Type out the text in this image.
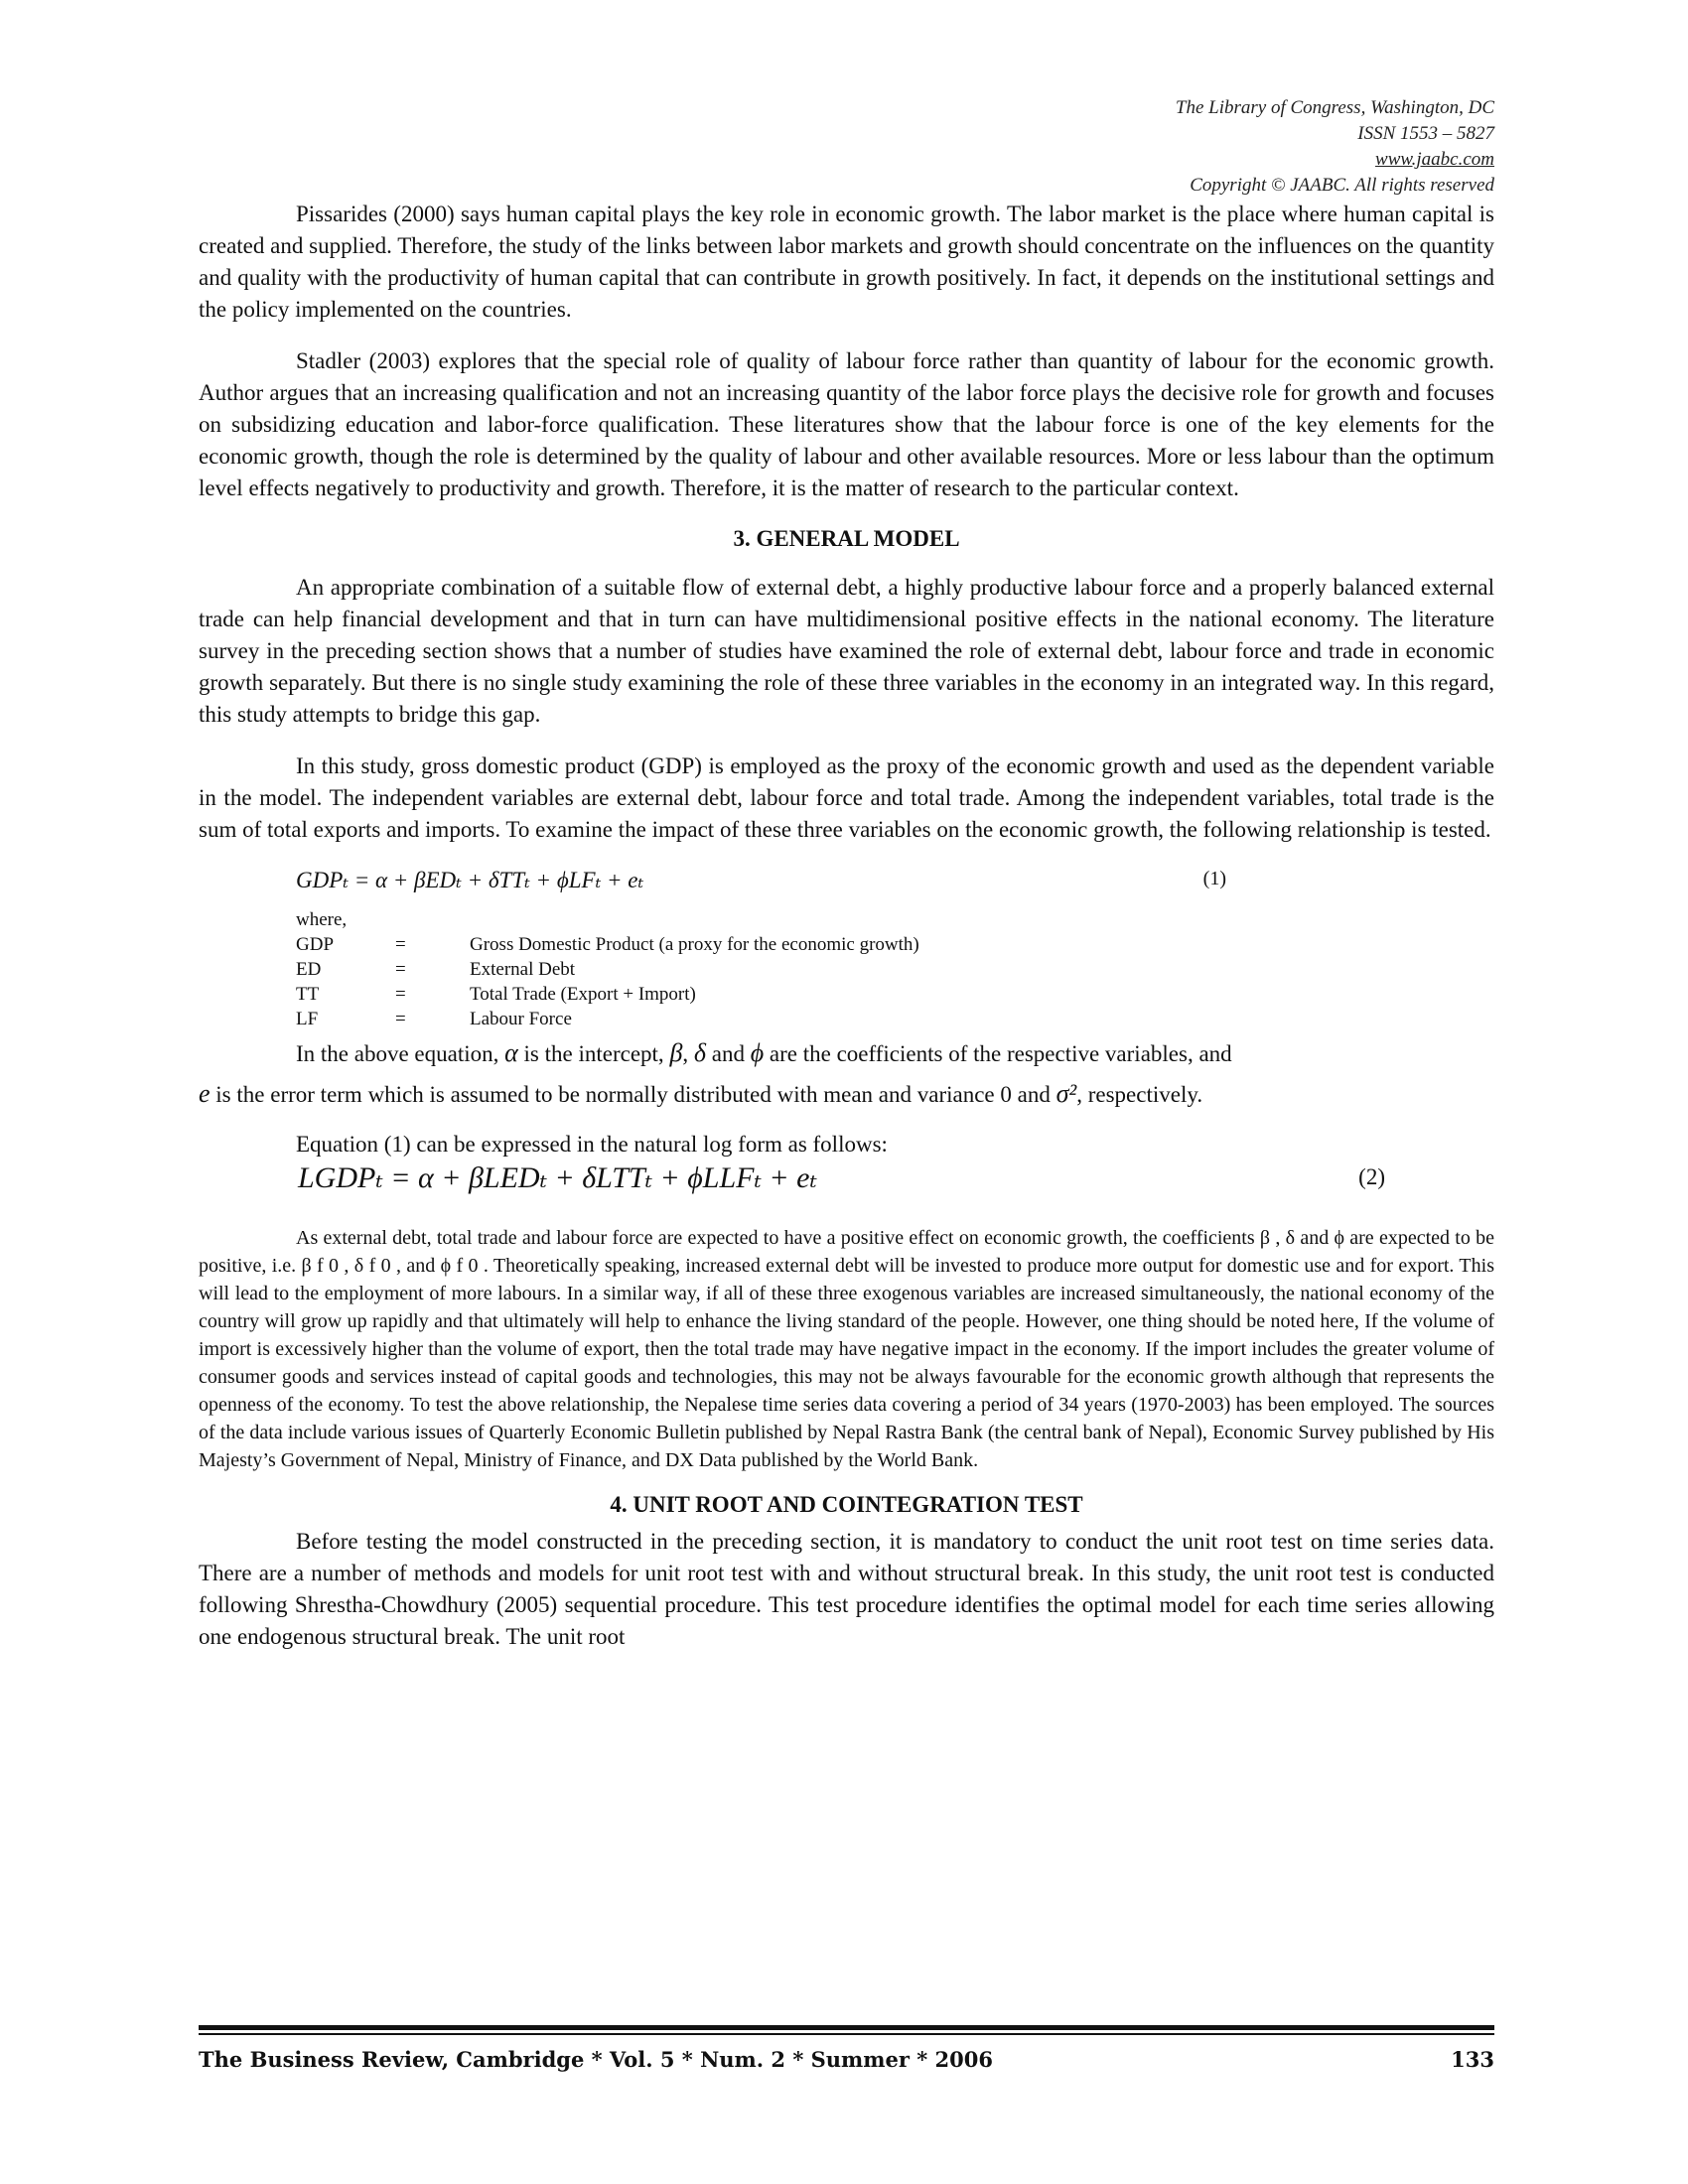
The Library of Congress, Washington, DC
ISSN 1553 – 5827
www.jaabc.com
Copyright © JAABC. All rights reserved

Pissarides (2000) says human capital plays the key role in economic growth. The labor market is the place where human capital is created and supplied. Therefore, the study of the links between labor markets and growth should concentrate on the influences on the quantity and quality with the productivity of human capital that can contribute in growth positively. In fact, it depends on the institutional settings and the policy implemented on the countries.

Stadler (2003) explores that the special role of quality of labour force rather than quantity of labour for the economic growth. Author argues that an increasing qualification and not an increasing quantity of the labor force plays the decisive role for growth and focuses on subsidizing education and labor-force qualification. These literatures show that the labour force is one of the key elements for the economic growth, though the role is determined by the quality of labour and other available resources. More or less labour than the optimum level effects negatively to productivity and growth. Therefore, it is the matter of research to the particular context.

3. GENERAL MODEL

An appropriate combination of a suitable flow of external debt, a highly productive labour force and a properly balanced external trade can help financial development and that in turn can have multidimensional positive effects in the national economy. The literature survey in the preceding section shows that a number of studies have examined the role of external debt, labour force and trade in economic growth separately. But there is no single study examining the role of these three variables in the economy in an integrated way. In this regard, this study attempts to bridge this gap.

In this study, gross domestic product (GDP) is employed as the proxy of the economic growth and used as the dependent variable in the model. The independent variables are external debt, labour force and total trade. Among the independent variables, total trade is the sum of total exports and imports. To examine the impact of these three variables on the economic growth, the following relationship is tested.

GDPₜ = α + βEDₜ + δTTₜ + ϕLFₜ + eₜ	(1)
where,
GDP	=	Gross Domestic Product (a proxy for the economic growth)
ED	=	External Debt
TT	=	Total Trade (Export + Import)
LF	=	Labour Force

In the above equation, α is the intercept, β, δ and ϕ are the coefficients of the respective variables, and

e is the error term which is assumed to be normally distributed with mean and variance 0 and σ², respectively.

Equation (1) can be expressed in the natural log form as follows:

LGDPₜ = α + βLEDₜ + δLTTₜ + ϕLLFₜ + eₜ	(2)

As external debt, total trade and labour force are expected to have a positive effect on economic growth, the coefficients β , δ and ϕ are expected to be positive, i.e. β f 0 , δ f 0 , and ϕ f 0 . Theoretically speaking, increased external debt will be invested to produce more output for domestic use and for export. This will lead to the employment of more labours. In a similar way, if all of these three exogenous variables are increased simultaneously, the national economy of the country will grow up rapidly and that ultimately will help to enhance the living standard of the people. However, one thing should be noted here, If the volume of import is excessively higher than the volume of export, then the total trade may have negative impact in the economy. If the import includes the greater volume of consumer goods and services instead of capital goods and technologies, this may not be always favourable for the economic growth although that represents the openness of the economy. To test the above relationship, the Nepalese time series data covering a period of 34 years (1970-2003) has been employed. The sources of the data include various issues of Quarterly Economic Bulletin published by Nepal Rastra Bank (the central bank of Nepal), Economic Survey published by His Majesty’s Government of Nepal, Ministry of Finance, and DX Data published by the World Bank.

4. UNIT ROOT AND COINTEGRATION TEST

Before testing the model constructed in the preceding section, it is mandatory to conduct the unit root test on time series data. There are a number of methods and models for unit root test with and without structural break. In this study, the unit root test is conducted following Shrestha-Chowdhury (2005) sequential procedure. This test procedure identifies the optimal model for each time series allowing one endogenous structural break. The unit root

The Business Review, Cambridge * Vol. 5 * Num. 2 * Summer * 2006	133
